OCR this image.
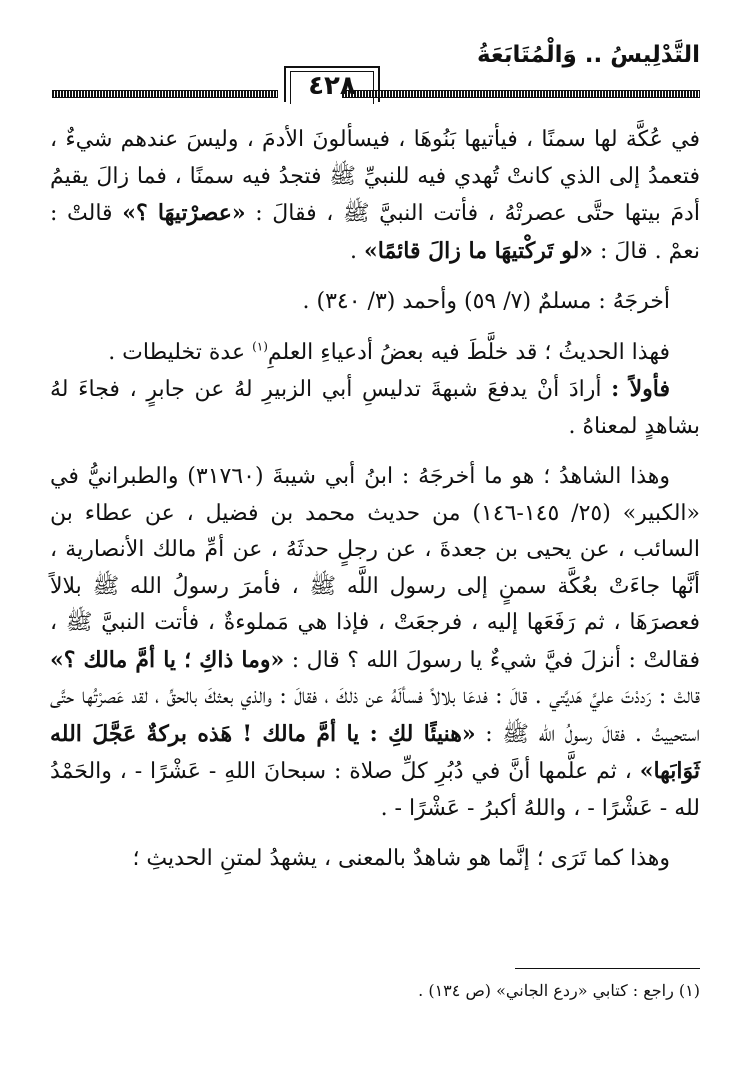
التَّدْلِيسُ .. وَالْمُتَابَعَةُ
٤٢٨

في عُكَّة لها سمنًا ، فيأتيها بَنُوهَا ، فيسألونَ الأدمَ ، وليسَ عندهم شيءٌ ، فتعمدُ إلى الذي كانتْ تُهدي فيه للنبيِّ ﷺ فتجدُ فيه سمنًا ، فما زالَ يقيمُ أدمَ بيتها حتَّى عصرتْهُ ، فأتت النبيَّ ﷺ ، فقالَ : «عصرْتيهَا ؟» قالتْ : نعمْ . قالَ : «لو تَركْتيهَا ما زالَ قائمًا» .

أخرجَهُ : مسلمٌ (٧/ ٥٩) وأحمد (٣/ ٣٤٠) .

فهذا الحديثُ ؛ قد خلَّطَ فيه بعضُ أدعياءِ العلمِ$^{(١)}$ عدة تخليطات .

فأولاً : أرادَ أنْ يدفعَ شبهةَ تدليسِ أبي الزبيرِ لهُ عن جابرٍ ، فجاءَ لهُ بشاهدٍ لمعناهُ .

وهذا الشاهدُ ؛ هو ما أخرجَهُ : ابنُ أبي شيبةَ (٣١٧٦٠) والطبرانيُّ في «الكبير» (٢٥/ ١٤٥-١٤٦) من حديث محمد بن فضيل ، عن عطاء بن السائب ، عن يحيى بن جعدةَ ، عن رجلٍ حدثَهُ ، عن أمِّ مالك الأنصارية ، أنَّها جاءَتْ بعُكَّة سمنٍ إلى رسول اللَّه ﷺ ، فأمرَ رسولُ الله ﷺ بلالاً فعصرَهَا ، ثم رَفَعَها إليه ، فرجعَتْ ، فإذا هي مَملوءةٌ ، فأتت النبيَّ ﷺ ، فقالتْ : أنزلَ فيَّ شيءٌ يا رسولَ الله ؟ قال : «وما ذاكِ ؛ يا أمَّ مالك ؟» قالتْ : رَددْتَ عليَّ هَديَّتي . قالَ : فدعَا بلالاً فسألَهُ عن ذلكَ ، فقالَ : والذي بعثكَ بالحقِّ ، لقد عَصرْتُها حتَّى استحييتُ . فقالَ رسولُ الله ﷺ : «هنيئًا لكِ : يا أمَّ مالك ! هَذه بركةٌ عَجَّلَ الله ثَوَابَها» ، ثم علَّمها أنَّ في دُبُرِ كلِّ صلاة : سبحانَ اللهِ - عَشْرًا - ، والحَمْدُ لله - عَشْرًا - ، واللهُ أكبرُ - عَشْرًا - .

وهذا كما تَرَى ؛ إنَّما هو شاهدٌ بالمعنى ، يشهدُ لمتنِ الحديثِ ؛

(١) راجع : كتابي «ردع الجاني» (ص ١٣٤) .
